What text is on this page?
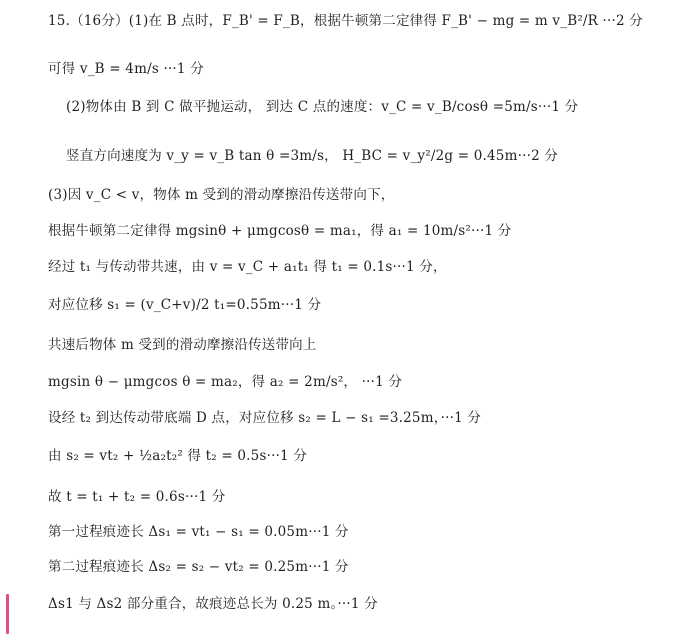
15.（16分）(1)在 B 点时，F_B' = F_B，根据牛顿第二定律得 F_B' − mg = m v_B²/R ···2 分
可得 v_B = 4m/s ···1 分
(2)物体由 B 到 C 做平抛运动， 到达 C 点的速度：v_C = v_B/cosθ =5m/s···1 分
竖直方向速度为 v_y = v_B tan θ =3m/s， H_BC = v_y²/2g = 0.45m···2 分
(3)因 v_C < v，物体 m 受到的滑动摩擦沿传送带向下，
根据牛顿第二定律得 mgsinθ + μmgcosθ = ma₁，得 a₁ = 10m/s²···1 分
经过 t₁ 与传动带共速，由 v = v_C + a₁t₁ 得 t₁ = 0.1s···1 分，
对应位移 s₁ = (v_C+v)/2 t₁=0.55m···1 分
共速后物体 m 受到的滑动摩擦沿传送带向上
mgsin θ − μmgcos θ = ma₂，得 a₂ = 2m/s²， ···1 分
设经 t₂ 到达传动带底端 D 点，对应位移 s₂ = L − s₁ =3.25m，···1 分
由 s₂ = vt₂ + ½a₂t₂² 得 t₂ = 0.5s···1 分
故 t = t₁ + t₂ = 0.6s···1 分
第一过程痕迹长 Δs₁ = vt₁ − s₁ = 0.05m···1 分
第二过程痕迹长 Δs₂ = s₂ − vt₂ = 0.25m···1 分
Δs1 与 Δs2 部分重合，故痕迹总长为 0.25 m。···1 分
